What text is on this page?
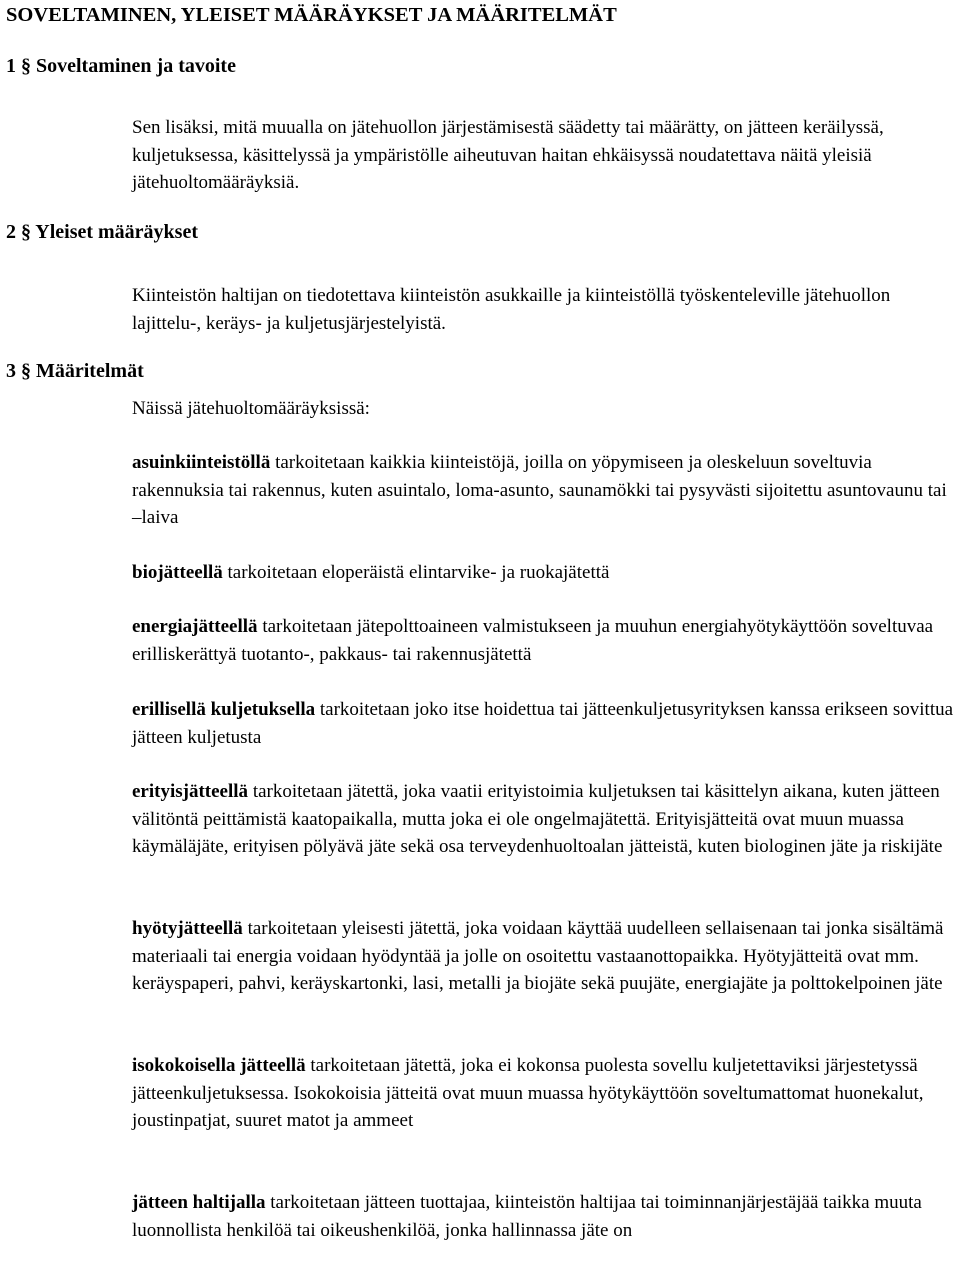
SOVELTAMINEN, YLEISET MÄÄRÄYKSET JA MÄÄRITELMÄT
1 § Soveltaminen ja tavoite

Sen lisäksi, mitä muualla on jätehuollon järjestämisestä säädetty tai määrätty, on jätteen keräilyssä, kuljetuksessa, käsittelyssä ja ympäristölle aiheutuvan haitan ehkäisyssä noudatettava näitä yleisiä jätehuoltomääräyksiä.

2 § Yleiset määräykset

Kiinteistön haltijan on tiedotettava kiinteistön asukkaille ja kiinteistöllä työskenteleville jätehuollon lajittelu-, keräys- ja kuljetusjärjestelyistä.

3 § Määritelmät

Näissä jätehuoltomääräyksissä:

asuinkiinteistöllä tarkoitetaan kaikkia kiinteistöjä, joilla on yöpymiseen ja oleskeluun soveltuvia rakennuksia tai rakennus, kuten asuintalo, loma-asunto, saunamökki tai pysyvästi sijoitettu asuntovaunu tai –laiva

biojätteellä tarkoitetaan eloperäistä elintarvike- ja ruokajätettä

energiajätteellä tarkoitetaan jätepolttoaineen valmistukseen ja muuhun energiahyötykäyttöön soveltuvaa erilliskerättyä tuotanto-, pakkaus- tai rakennusjätettä

erillisellä kuljetuksella tarkoitetaan joko itse hoidettua tai jätteenkuljetusyrityksen kanssa erikseen sovittua jätteen kuljetusta

erityisjätteellä tarkoitetaan jätettä, joka vaatii erityistoimia kuljetuksen tai käsittelyn aikana, kuten jätteen välitöntä peittämistä kaatopaikalla, mutta joka ei ole ongelmajätettä. Erityisjätteitä ovat muun muassa käymäläjäte, erityisen pölyävä jäte sekä osa terveydenhuoltoalan jätteistä, kuten biologinen jäte ja riskijäte

hyötyjätteellä tarkoitetaan yleisesti jätettä, joka voidaan käyttää uudelleen sellaisenaan tai jonka sisältämä materiaali tai energia voidaan hyödyntää ja jolle on osoitettu vastaanottopaikka. Hyötyjätteitä ovat mm. keräyspaperi, pahvi, keräyskartonki, lasi, metalli ja biojäte sekä puujäte, energiajäte ja polttokelpoinen jäte

isokokoisella jätteellä tarkoitetaan jätettä, joka ei kokonsa puolesta sovellu kuljetettaviksi järjestetyssä jätteenkuljetuksessa. Isokokoisia jätteitä ovat muun muassa hyötykäyttöön soveltumattomat huonekalut, joustinpatjat, suuret matot ja ammeet

jätteen haltijalla tarkoitetaan jätteen tuottajaa, kiinteistön haltijaa tai toiminnanjärjestäjää taikka muuta luonnollista henkilöä tai oikeushenkilöä, jonka hallinnassa jäte on
